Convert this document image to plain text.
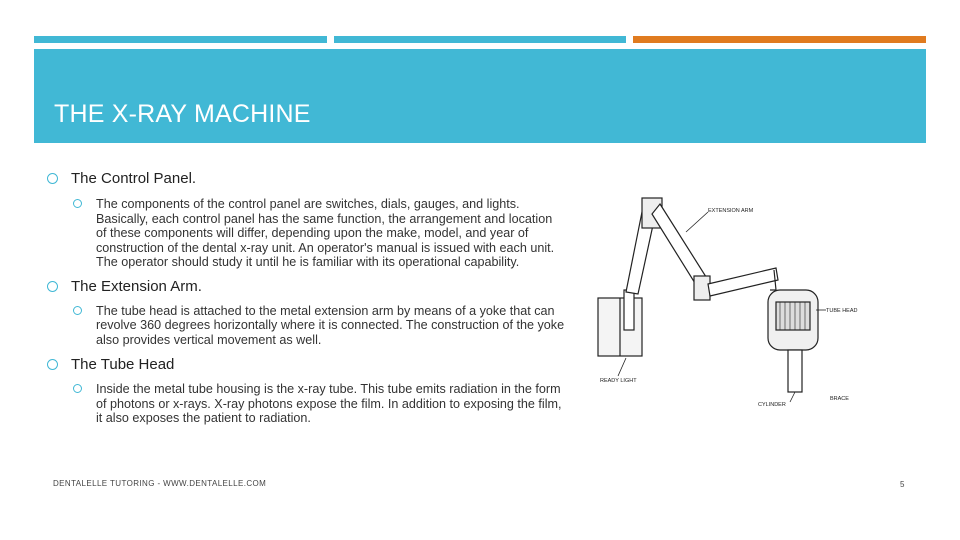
THE X-RAY MACHINE

The Control Panel.

The components of the control panel are switches, dials, gauges, and lights. Basically, each control panel has the same function, the arrangement and location of these components will differ, depending upon the make, model, and year of construction of the dental x-ray unit. An operator's manual is issued with each unit. The operator should study it until he is familiar with its operational capability.

The Extension Arm.

The tube head is attached to the metal extension arm by means of a yoke that can revolve 360 degrees horizontally where it is connected. The construction of the yoke also provides vertical movement as well.

The Tube Head

Inside the metal tube housing is the x-ray tube. This tube emits radiation in the form of photons or x-rays. X-ray photons expose the film. In addition to exposing the film, it also exposes the patient to radiation.

EXTENSION ARM
TUBE HEAD
READY LIGHT
CYLINDER
BRACE
DENTALELLE TUTORING - WWW.DENTALELLE.COM	5
